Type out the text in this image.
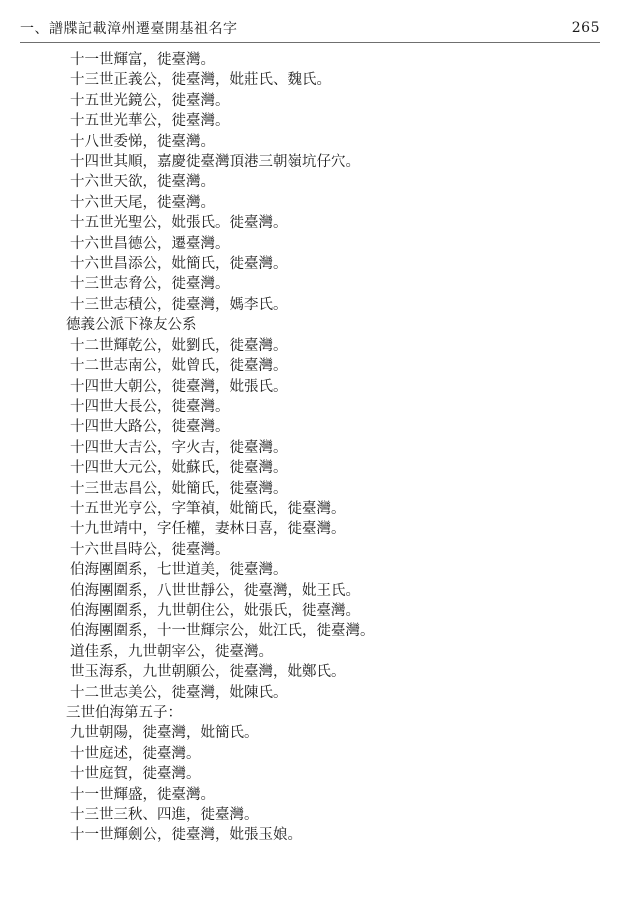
一、譜牒記載漳州遷臺開基祖名字	265
十一世輝富，徙臺灣。
十三世正義公，徙臺灣，妣莊氏、魏氏。
十五世光鏡公，徙臺灣。
十五世光華公，徙臺灣。
十八世委悌，徙臺灣。
十四世其順，嘉慶徙臺灣頂港三朝嶺坑仔穴。
十六世天欲，徙臺灣。
十六世天尾，徙臺灣。
十五世光聖公，妣張氏。徙臺灣。
十六世昌德公，遷臺灣。
十六世昌添公，妣簡氏，徙臺灣。
十三世志脅公，徙臺灣。
十三世志積公，徙臺灣，媽李氏。
德義公派下祿友公系
十二世輝乾公，妣劉氏，徙臺灣。
十二世志南公，妣曾氏，徙臺灣。
十四世大朝公，徙臺灣，妣張氏。
十四世大長公，徙臺灣。
十四世大路公，徙臺灣。
十四世大吉公，字火吉，徙臺灣。
十四世大元公，妣蘇氏，徙臺灣。
十三世志昌公，妣簡氏，徙臺灣。
十五世光亨公，字筆禎，妣簡氏，徙臺灣。
十九世靖中，字任權，妻林日喜，徙臺灣。
十六世昌時公，徙臺灣。
伯海團圍系，七世道美，徙臺灣。
伯海團圍系，八世世靜公，徙臺灣，妣王氏。
伯海團圍系，九世朝住公，妣張氏，徙臺灣。
伯海團圍系，十一世輝宗公，妣江氏，徙臺灣。
道佳系，九世朝宰公，徙臺灣。
世玉海系，九世朝願公，徙臺灣，妣鄭氏。
十二世志美公，徙臺灣，妣陳氏。
三世伯海第五子：
九世朝陽，徙臺灣，妣簡氏。
十世庭述，徙臺灣。
十世庭賀，徙臺灣。
十一世輝盛，徙臺灣。
十三世三秋、四進，徙臺灣。
十一世輝劍公，徙臺灣，妣張玉娘。
